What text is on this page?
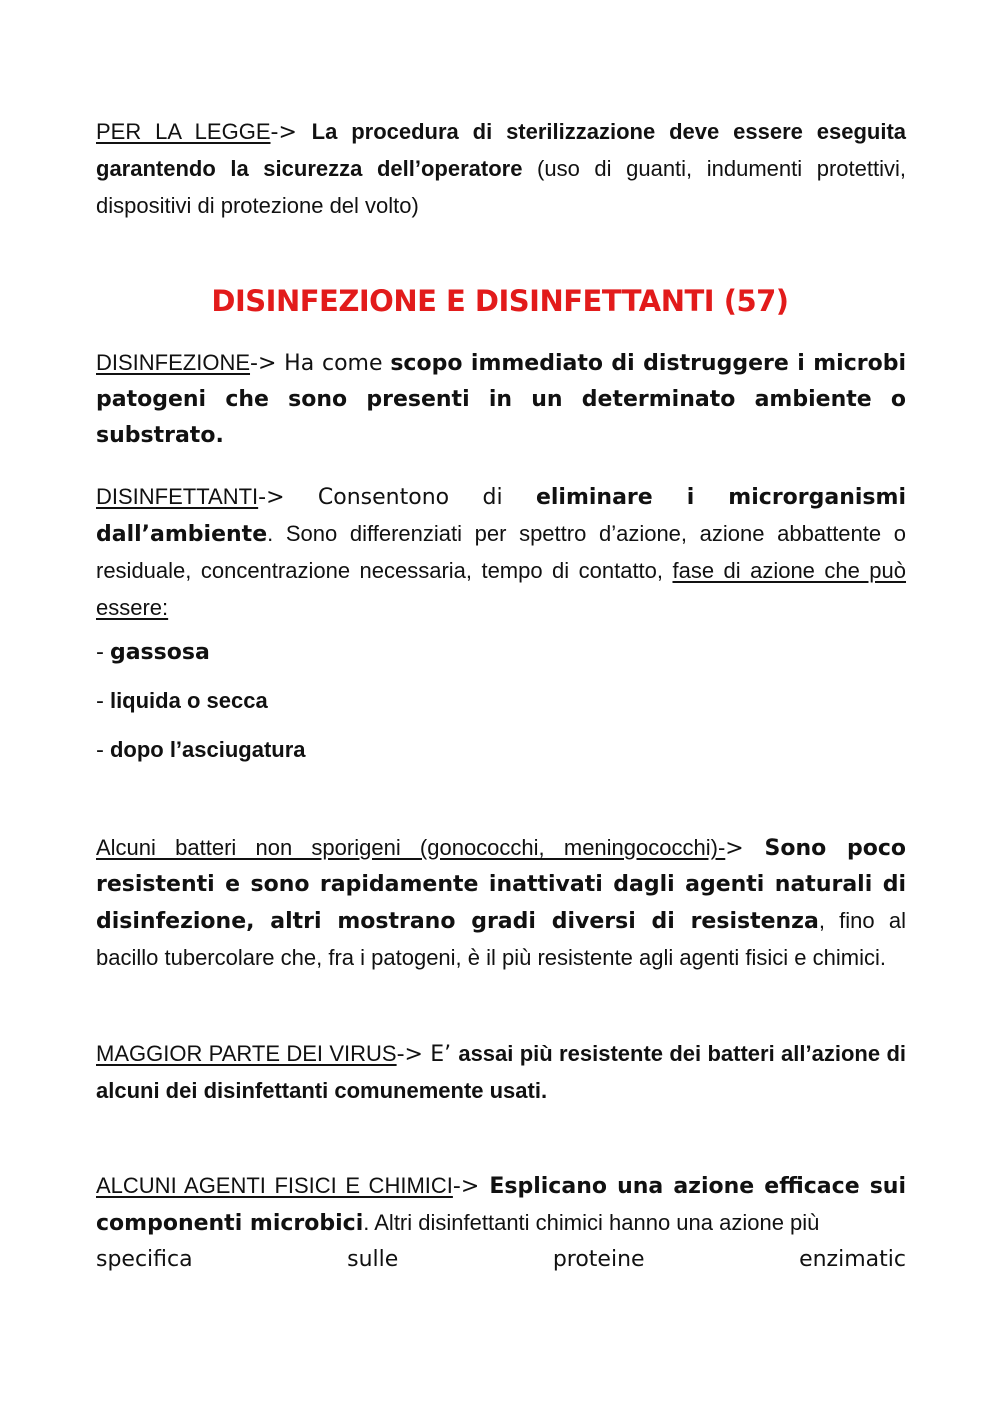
PER LA LEGGE-> La procedura di sterilizzazione deve essere eseguita garantendo la sicurezza dell’operatore (uso di guanti, indumenti protettivi, dispositivi di protezione del volto)
DISINFEZIONE E DISINFETTANTI (57)
DISINFEZIONE-> Ha come scopo immediato di distruggere i microbi patogeni che sono presenti in un determinato ambiente o substrato.
DISINFETTANTI-> Consentono di eliminare i microrganismi dall’ambiente. Sono differenziati per spettro d’azione, azione abbattente o residuale, concentrazione necessaria, tempo di contatto, fase di azione che può essere:
- gassosa
- liquida o secca
- dopo l’asciugatura
Alcuni batteri non sporigeni (gonococchi, meningococchi)-> Sono poco resistenti e sono rapidamente inattivati dagli agenti naturali di disinfezione, altri mostrano gradi diversi di resistenza, fino al bacillo tubercolare che, fra i patogeni, è il più resistente agli agenti fisici e chimici.
MAGGIOR PARTE DEI VIRUS-> E’ assai più resistente dei batteri all’azione di alcuni dei disinfettanti comunemente usati.
ALCUNI AGENTI FISICI E CHIMICI-> Esplicano una azione efficace sui componenti microbici. Altri disinfettanti chimici hanno una azione più
specifica	sulle	proteine	enzimatic
